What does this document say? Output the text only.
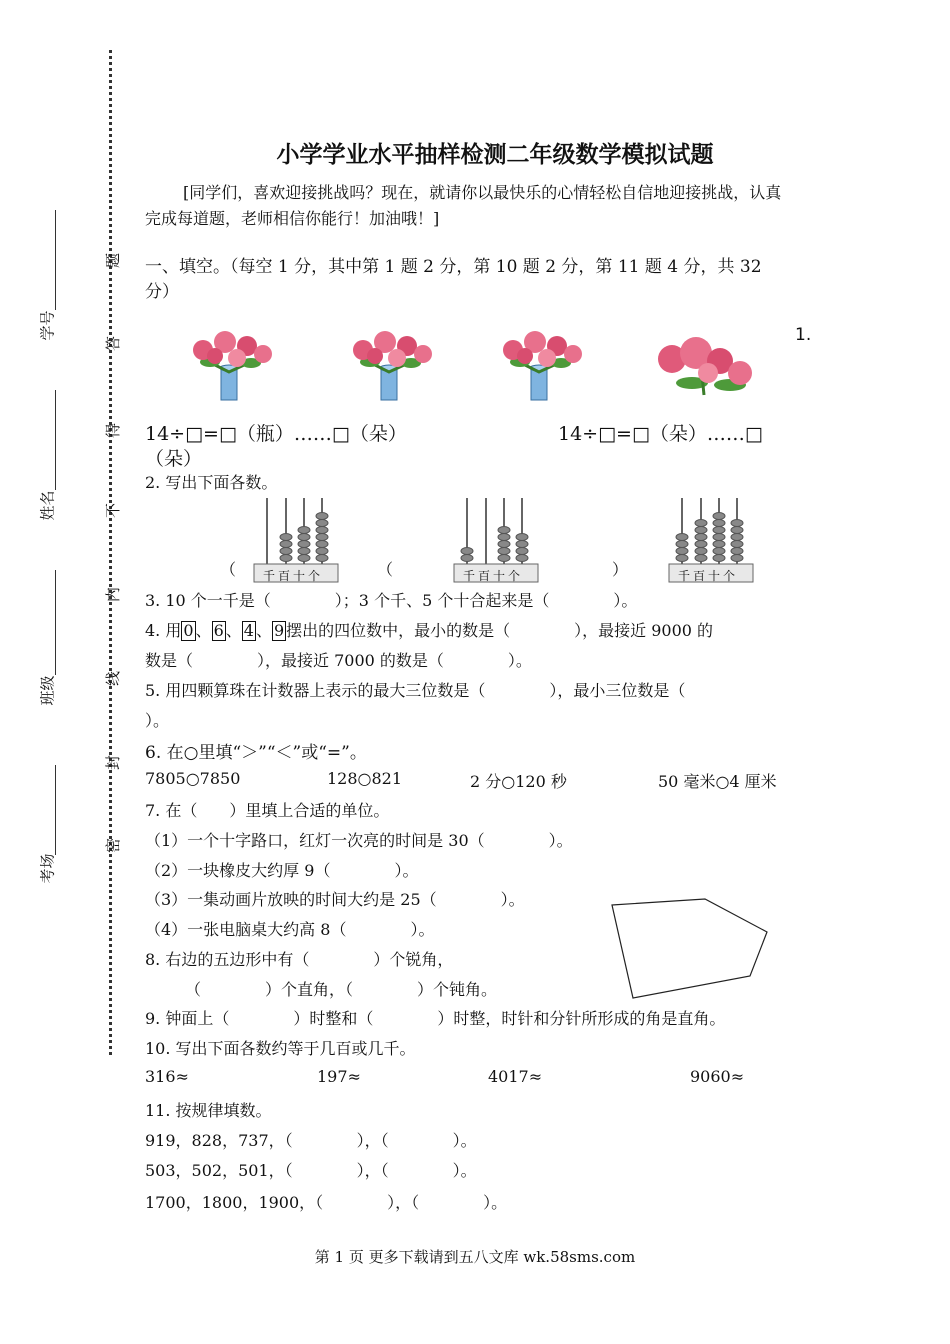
学号
姓名
班级
考场
题
答
得
不
内
线
封
密
小学学业水平抽样检测二年级数学模拟试题
[同学们，喜欢迎接挑战吗？现在，就请你以最快乐的心情轻松自信地迎接挑战，认真
完成每道题，老师相信你能行！加油哦！]
一、填空。（每空 1 分，其中第 1 题 2 分，第 10 题 2 分，第 11 题 4 分，共 32
分）
1.
14÷□=□（瓶）……□（朵）	14÷□=□（朵）……□
（朵）
2. 写出下面各数。
（	（	）
千百十个	千百十个	千百十个
3. 10 个一千是（　　　　）；3 个千、5 个十合起来是（　　　　）。
4. 用 0 、 6 、 4 、 9 摆出的四位数中，最小的数是（　　　　），最接近 9000 的
数是（　　　　），最接近 7000 的数是（　　　　）。
5. 用四颗算珠在计数器上表示的最大三位数是（　　　　），最小三位数是（
）。
6. 在○里填“＞”“＜”或“=”。
7805○7850	128○821	2 分○120 秒	50 毫米○4 厘米
7. 在（　　）里填上合适的单位。
（1）一个十字路口，红灯一次亮的时间是 30（　　　　）。
（2）一块橡皮大约厚 9（　　　　）。
（3）一集动画片放映的时间大约是 25（　　　　）。
（4）一张电脑桌大约高 8（　　　　）。
8. 右边的五边形中有（　　　　）个锐角，
（　　　　）个直角，（　　　　）个钝角。
9. 钟面上（　　　　）时整和（　　　　）时整，时针和分针所形成的角是直角。
10. 写出下面各数约等于几百或几千。
316≈	197≈	4017≈	9060≈
11. 按规律填数。
919，828，737，（　　　　），（　　　　）。
503，502，501，（　　　　），（　　　　）。
1700，1800，1900，（　　　　），（　　　　）。
第 1 页 更多下载请到五八文库 wk.58sms.com
